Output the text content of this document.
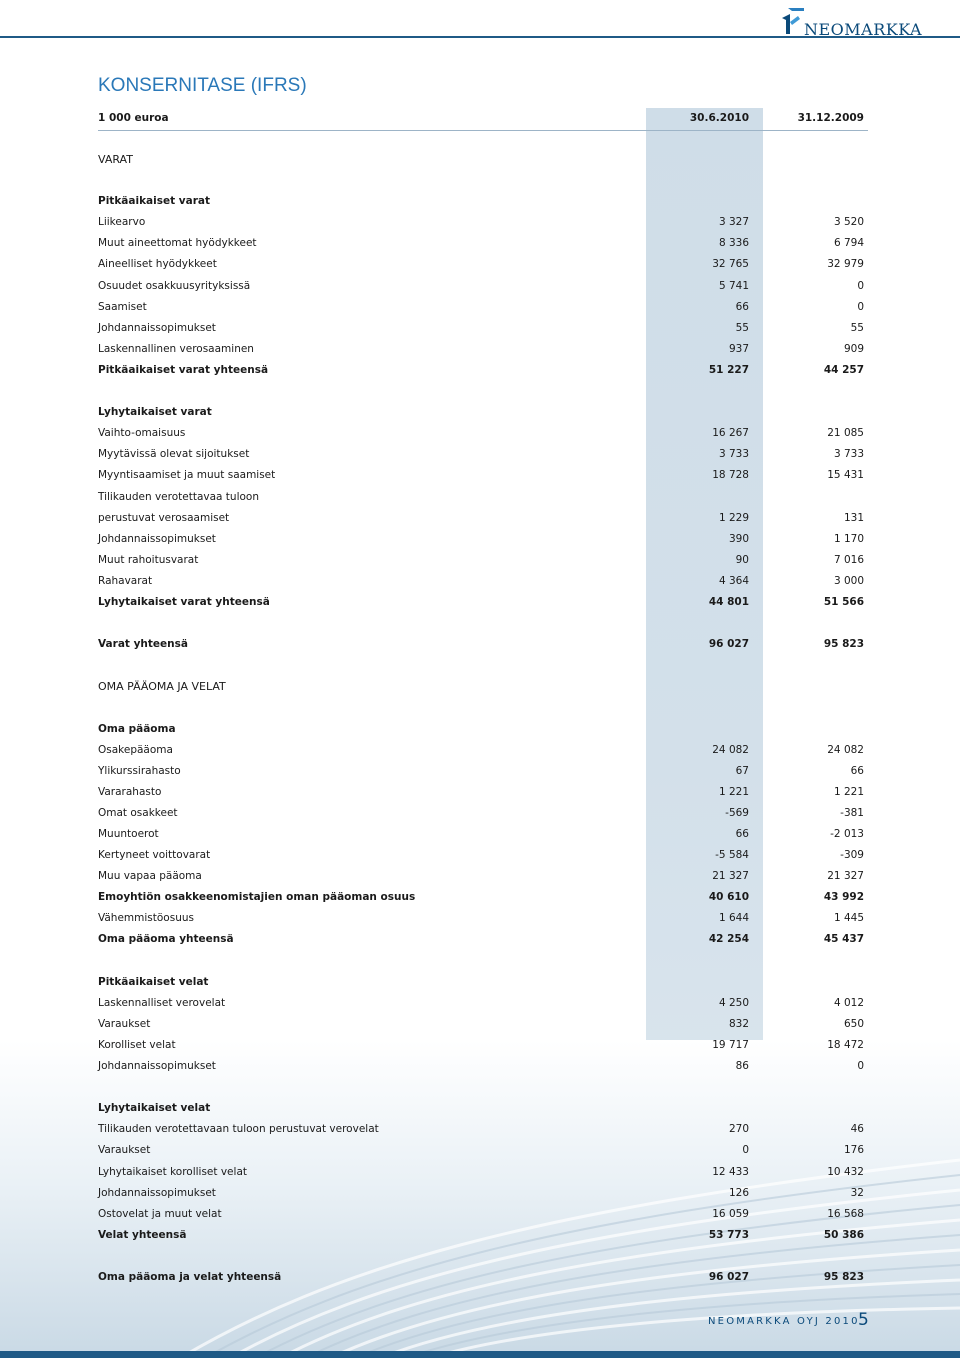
NEOMARKKA
KONSERNITASE (IFRS)
1 000 euroa	30.6.2010	31.12.2009
VARAT
Pitkäaikaiset varat
Liikearvo	3 327	3 520
Muut aineettomat hyödykkeet	8 336	6 794
Aineelliset hyödykkeet	32 765	32 979
Osuudet osakkuusyrityksissä	5 741	0
Saamiset	66	0
Johdannaissopimukset	55	55
Laskennallinen verosaaminen	937	909
Pitkäaikaiset varat yhteensä	51 227	44 257
Lyhytaikaiset varat
Vaihto-omaisuus	16 267	21 085
Myytävissä olevat sijoitukset	3 733	3 733
Myyntisaamiset ja muut saamiset	18 728	15 431
Tilikauden verotettavaa tuloon
perustuvat verosaamiset	1 229	131
Johdannaissopimukset	390	1 170
Muut rahoitusvarat	90	7 016
Rahavarat	4 364	3 000
Lyhytaikaiset varat yhteensä	44 801	51 566
Varat yhteensä	96 027	95 823
OMA PÄÄOMA JA VELAT
Oma pääoma
Osakepääoma	24 082	24 082
Ylikurssirahasto	67	66
Vararahasto	1 221	1 221
Omat osakkeet	-569	-381
Muuntoerot	66	-2 013
Kertyneet voittovarat	-5 584	-309
Muu vapaa pääoma	21 327	21 327
Emoyhtiön osakkeenomistajien oman pääoman osuus	40 610	43 992
Vähemmistöosuus	1 644	1 445
Oma pääoma yhteensä	42 254	45 437
Pitkäaikaiset velat
Laskennalliset verovelat	4 250	4 012
Varaukset	832	650
Korolliset velat	19 717	18 472
Johdannaissopimukset	86	0
Lyhytaikaiset velat
Tilikauden verotettavaan tuloon perustuvat verovelat	270	46
Varaukset	0	176
Lyhytaikaiset korolliset velat	12 433	10 432
Johdannaissopimukset	126	32
Ostovelat ja muut velat	16 059	16 568
Velat yhteensä	53 773	50 386
Oma pääoma ja velat yhteensä	96 027	95 823
NEOMARKKA OYJ 2010
5
